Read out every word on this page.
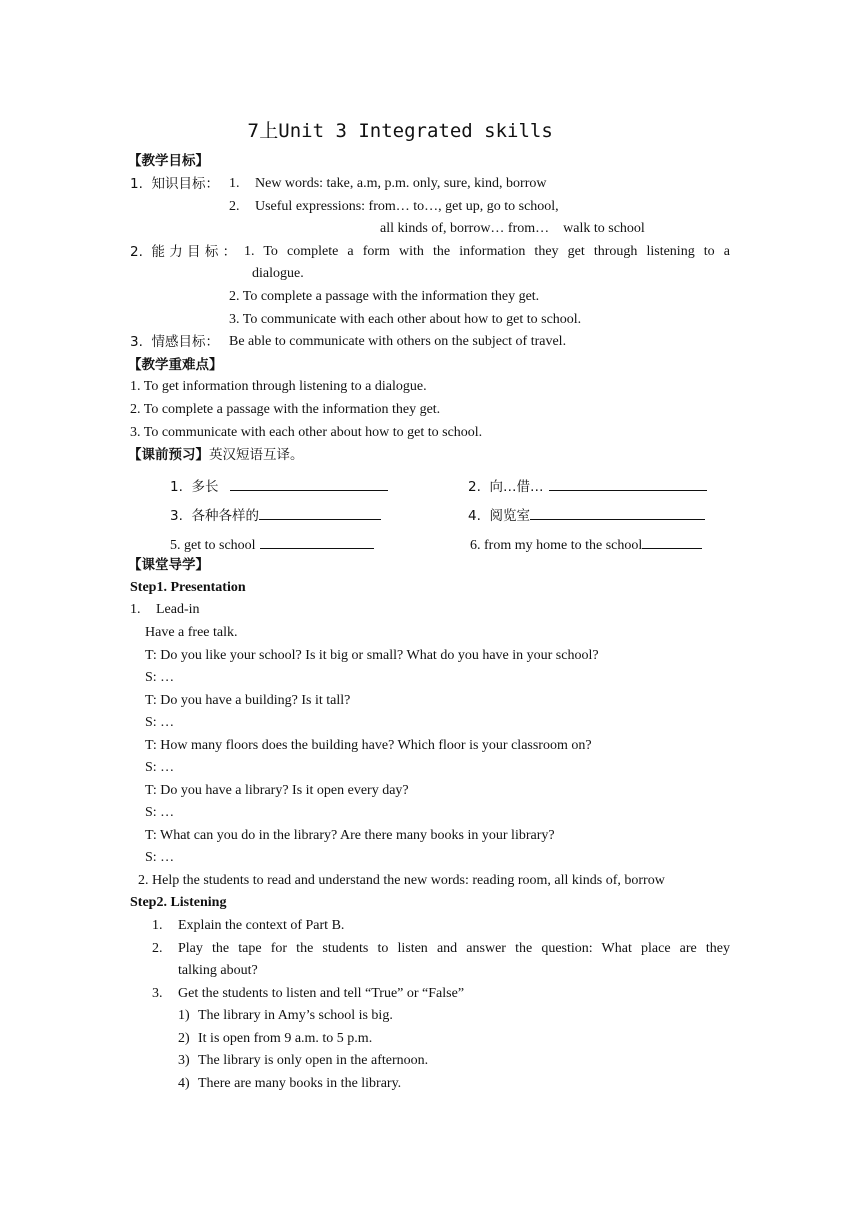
7上Unit 3 Integrated skills
【教学目标】
1.  知识目标： 1. New words: take, a.m, p.m. only, sure, kind, borrow
2. Useful expressions: from… to…, get up, go to school,
all kinds of, borrow… from…    walk to school
2.  能 力 目 标 ： 1. To complete a form with the information they get through listening to a
dialogue.
2. To complete a passage with the information they get.
3. To communicate with each other about how to get to school.
3.  情感目标： Be able to communicate with others on the subject of travel.
【教学重难点】
1. To get information through listening to a dialogue.
2. To complete a passage with the information they get.
3. To communicate with each other about how to get to school.
【课前预习】英汉短语互译。
1.  多长	2.  向…借…
3.  各种各样的	4.  阅览室
5. get to school	6. from my home to the school
【课堂导学】
Step1. Presentation
1. Lead-in
Have a free talk.
T: Do you like your school? Is it big or small? What do you have in your school?
S: …
T: Do you have a building? Is it tall?
S: …
T: How many floors does the building have? Which floor is your classroom on?
S: …
T: Do you have a library? Is it open every day?
S: …
T: What can you do in the library? Are there many books in your library?
S: …
2. Help the students to read and understand the new words: reading room, all kinds of, borrow
Step2. Listening
1. Explain the context of Part B.
2. Play the tape for the students to listen and answer the question: What place are they
talking about?
3. Get the students to listen and tell “True” or “False”
1) The library in Amy’s school is big.
2) It is open from 9 a.m. to 5 p.m.
3) The library is only open in the afternoon.
4) There are many books in the library.
